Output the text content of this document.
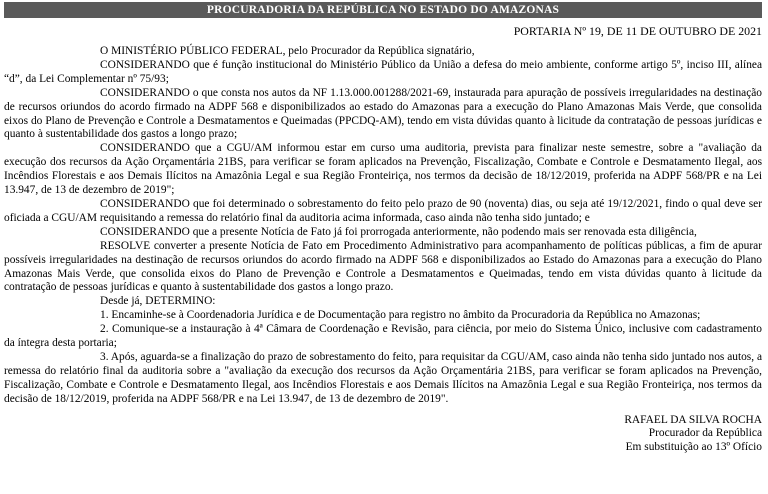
PROCURADORIA DA REPÚBLICA NO ESTADO DO AMAZONAS
PORTARIA Nº 19, DE 11 DE OUTUBRO DE 2021

O MINISTÉRIO PÚBLICO FEDERAL, pelo Procurador da República signatário,

CONSIDERANDO que é função institucional do Ministério Público da União a defesa do meio ambiente, conforme artigo 5º, inciso III, alínea “d”, da Lei Complementar nº 75/93;

CONSIDERANDO o que consta nos autos da NF 1.13.000.001288/2021-69, instaurada para apuração de possíveis irregularidades na destinação de recursos oriundos do acordo firmado na ADPF 568 e disponibilizados ao estado do Amazonas para a execução do Plano Amazonas Mais Verde, que consolida eixos do Plano de Prevenção e Controle a Desmatamentos e Queimadas (PPCDQ-AM), tendo em vista dúvidas quanto à licitude da contratação de pessoas jurídicas e quanto à sustentabilidade dos gastos a longo prazo;

CONSIDERANDO que a CGU/AM informou estar em curso uma auditoria, prevista para finalizar neste semestre, sobre a "avaliação da execução dos recursos da Ação Orçamentária 21BS, para verificar se foram aplicados na Prevenção, Fiscalização, Combate e Controle e Desmatamento Ilegal, aos Incêndios Florestais e aos Demais Ilícitos na Amazônia Legal e sua Região Fronteiriça, nos termos da decisão de 18/12/2019, proferida na ADPF 568/PR e na Lei 13.947, de 13 de dezembro de 2019";

CONSIDERANDO que foi determinado o sobrestamento do feito pelo prazo de 90 (noventa) dias, ou seja até 19/12/2021, findo o qual deve ser oficiada a CGU/AM requisitando a remessa do relatório final da auditoria acima informada, caso ainda não tenha sido juntado; e

CONSIDERANDO que a presente Notícia de Fato já foi prorrogada anteriormente, não podendo mais ser renovada esta diligência,

RESOLVE converter a presente Notícia de Fato em Procedimento Administrativo para acompanhamento de políticas públicas, a fim de apurar possíveis irregularidades na destinação de recursos oriundos do acordo firmado na ADPF 568 e disponibilizados ao Estado do Amazonas para a execução do Plano Amazonas Mais Verde, que consolida eixos do Plano de Prevenção e Controle a Desmatamentos e Queimadas, tendo em vista dúvidas quanto à licitude da contratação de pessoas jurídicas e quanto à sustentabilidade dos gastos a longo prazo.

Desde já, DETERMINO:

1. Encaminhe-se à Coordenadoria Jurídica e de Documentação para registro no âmbito da Procuradoria da República no Amazonas;

2. Comunique-se a instauração à 4ª Câmara de Coordenação e Revisão, para ciência, por meio do Sistema Único, inclusive com cadastramento da íntegra desta portaria;

3. Após, aguarda-se a finalização do prazo de sobrestamento do feito, para requisitar da CGU/AM, caso ainda não tenha sido juntado nos autos, a remessa do relatório final da auditoria sobre a "avaliação da execução dos recursos da Ação Orçamentária 21BS, para verificar se foram aplicados na Prevenção, Fiscalização, Combate e Controle e Desmatamento Ilegal, aos Incêndios Florestais e aos Demais Ilícitos na Amazônia Legal e sua Região Fronteiriça, nos termos da decisão de 18/12/2019, proferida na ADPF 568/PR e na Lei 13.947, de 13 de dezembro de 2019".

RAFAEL DA SILVA ROCHA
Procurador da República
Em substituição ao 13º Ofício
